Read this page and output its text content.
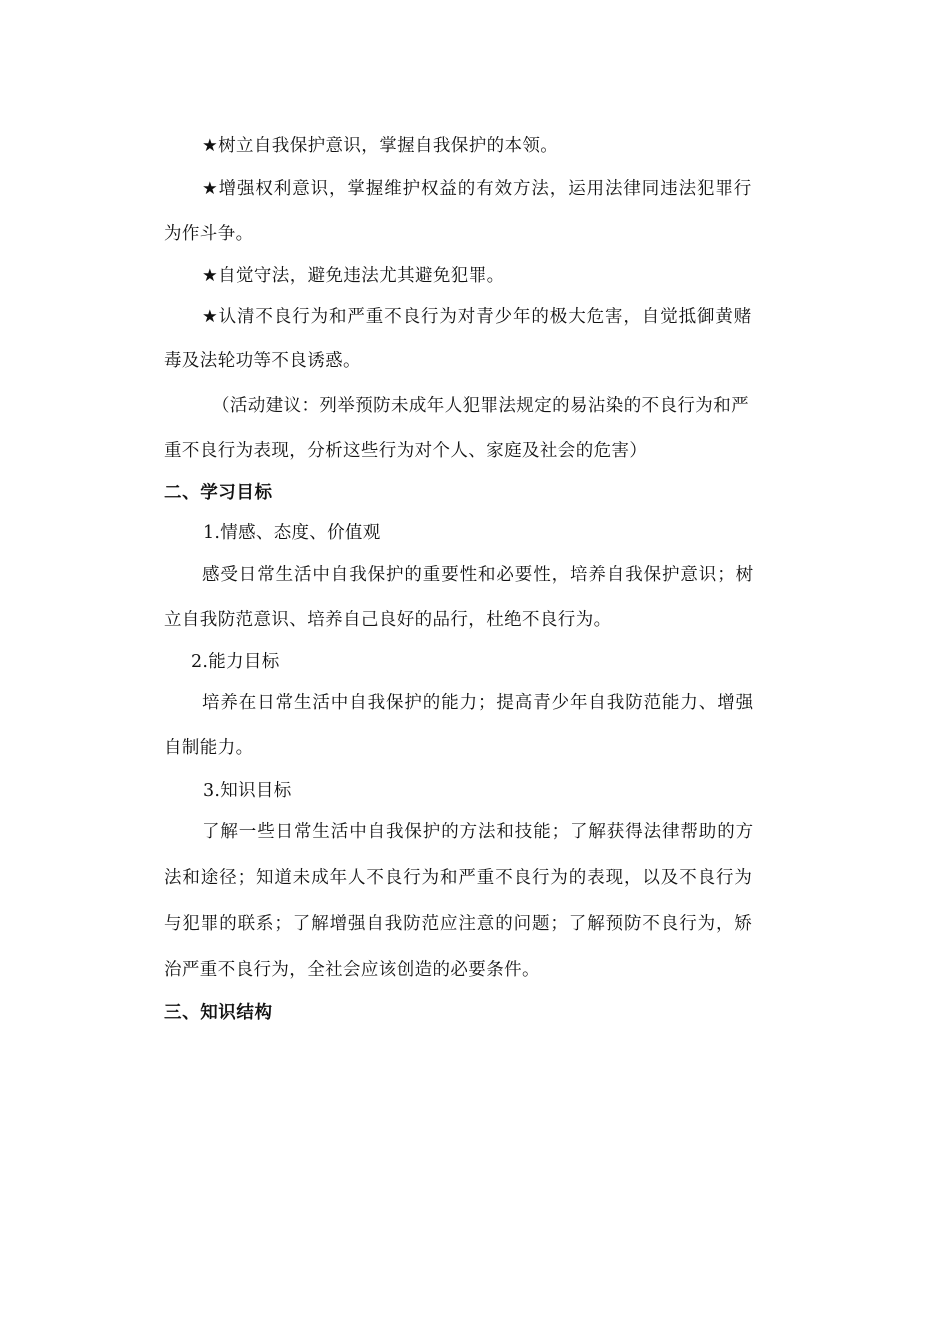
★树立自我保护意识，掌握自我保护的本领。
★增强权利意识，掌握维护权益的有效方法，运用法律同违法犯罪行
为作斗争。
★自觉守法，避免违法尤其避免犯罪。
★认清不良行为和严重不良行为对青少年的极大危害，自觉抵御黄赌
毒及法轮功等不良诱惑。
（活动建议：列举预防未成年人犯罪法规定的易沾染的不良行为和严
重不良行为表现，分析这些行为对个人、家庭及社会的危害）
二、学习目标
1.情感、态度、价值观
感受日常生活中自我保护的重要性和必要性，培养自我保护意识；树
立自我防范意识、培养自己良好的品行，杜绝不良行为。
2.能力目标
培养在日常生活中自我保护的能力；提高青少年自我防范能力、增强
自制能力。
3.知识目标
了解一些日常生活中自我保护的方法和技能；了解获得法律帮助的方
法和途径；知道未成年人不良行为和严重不良行为的表现，以及不良行为
与犯罪的联系；了解增强自我防范应注意的问题；了解预防不良行为，矫
治严重不良行为，全社会应该创造的必要条件。
三、知识结构
